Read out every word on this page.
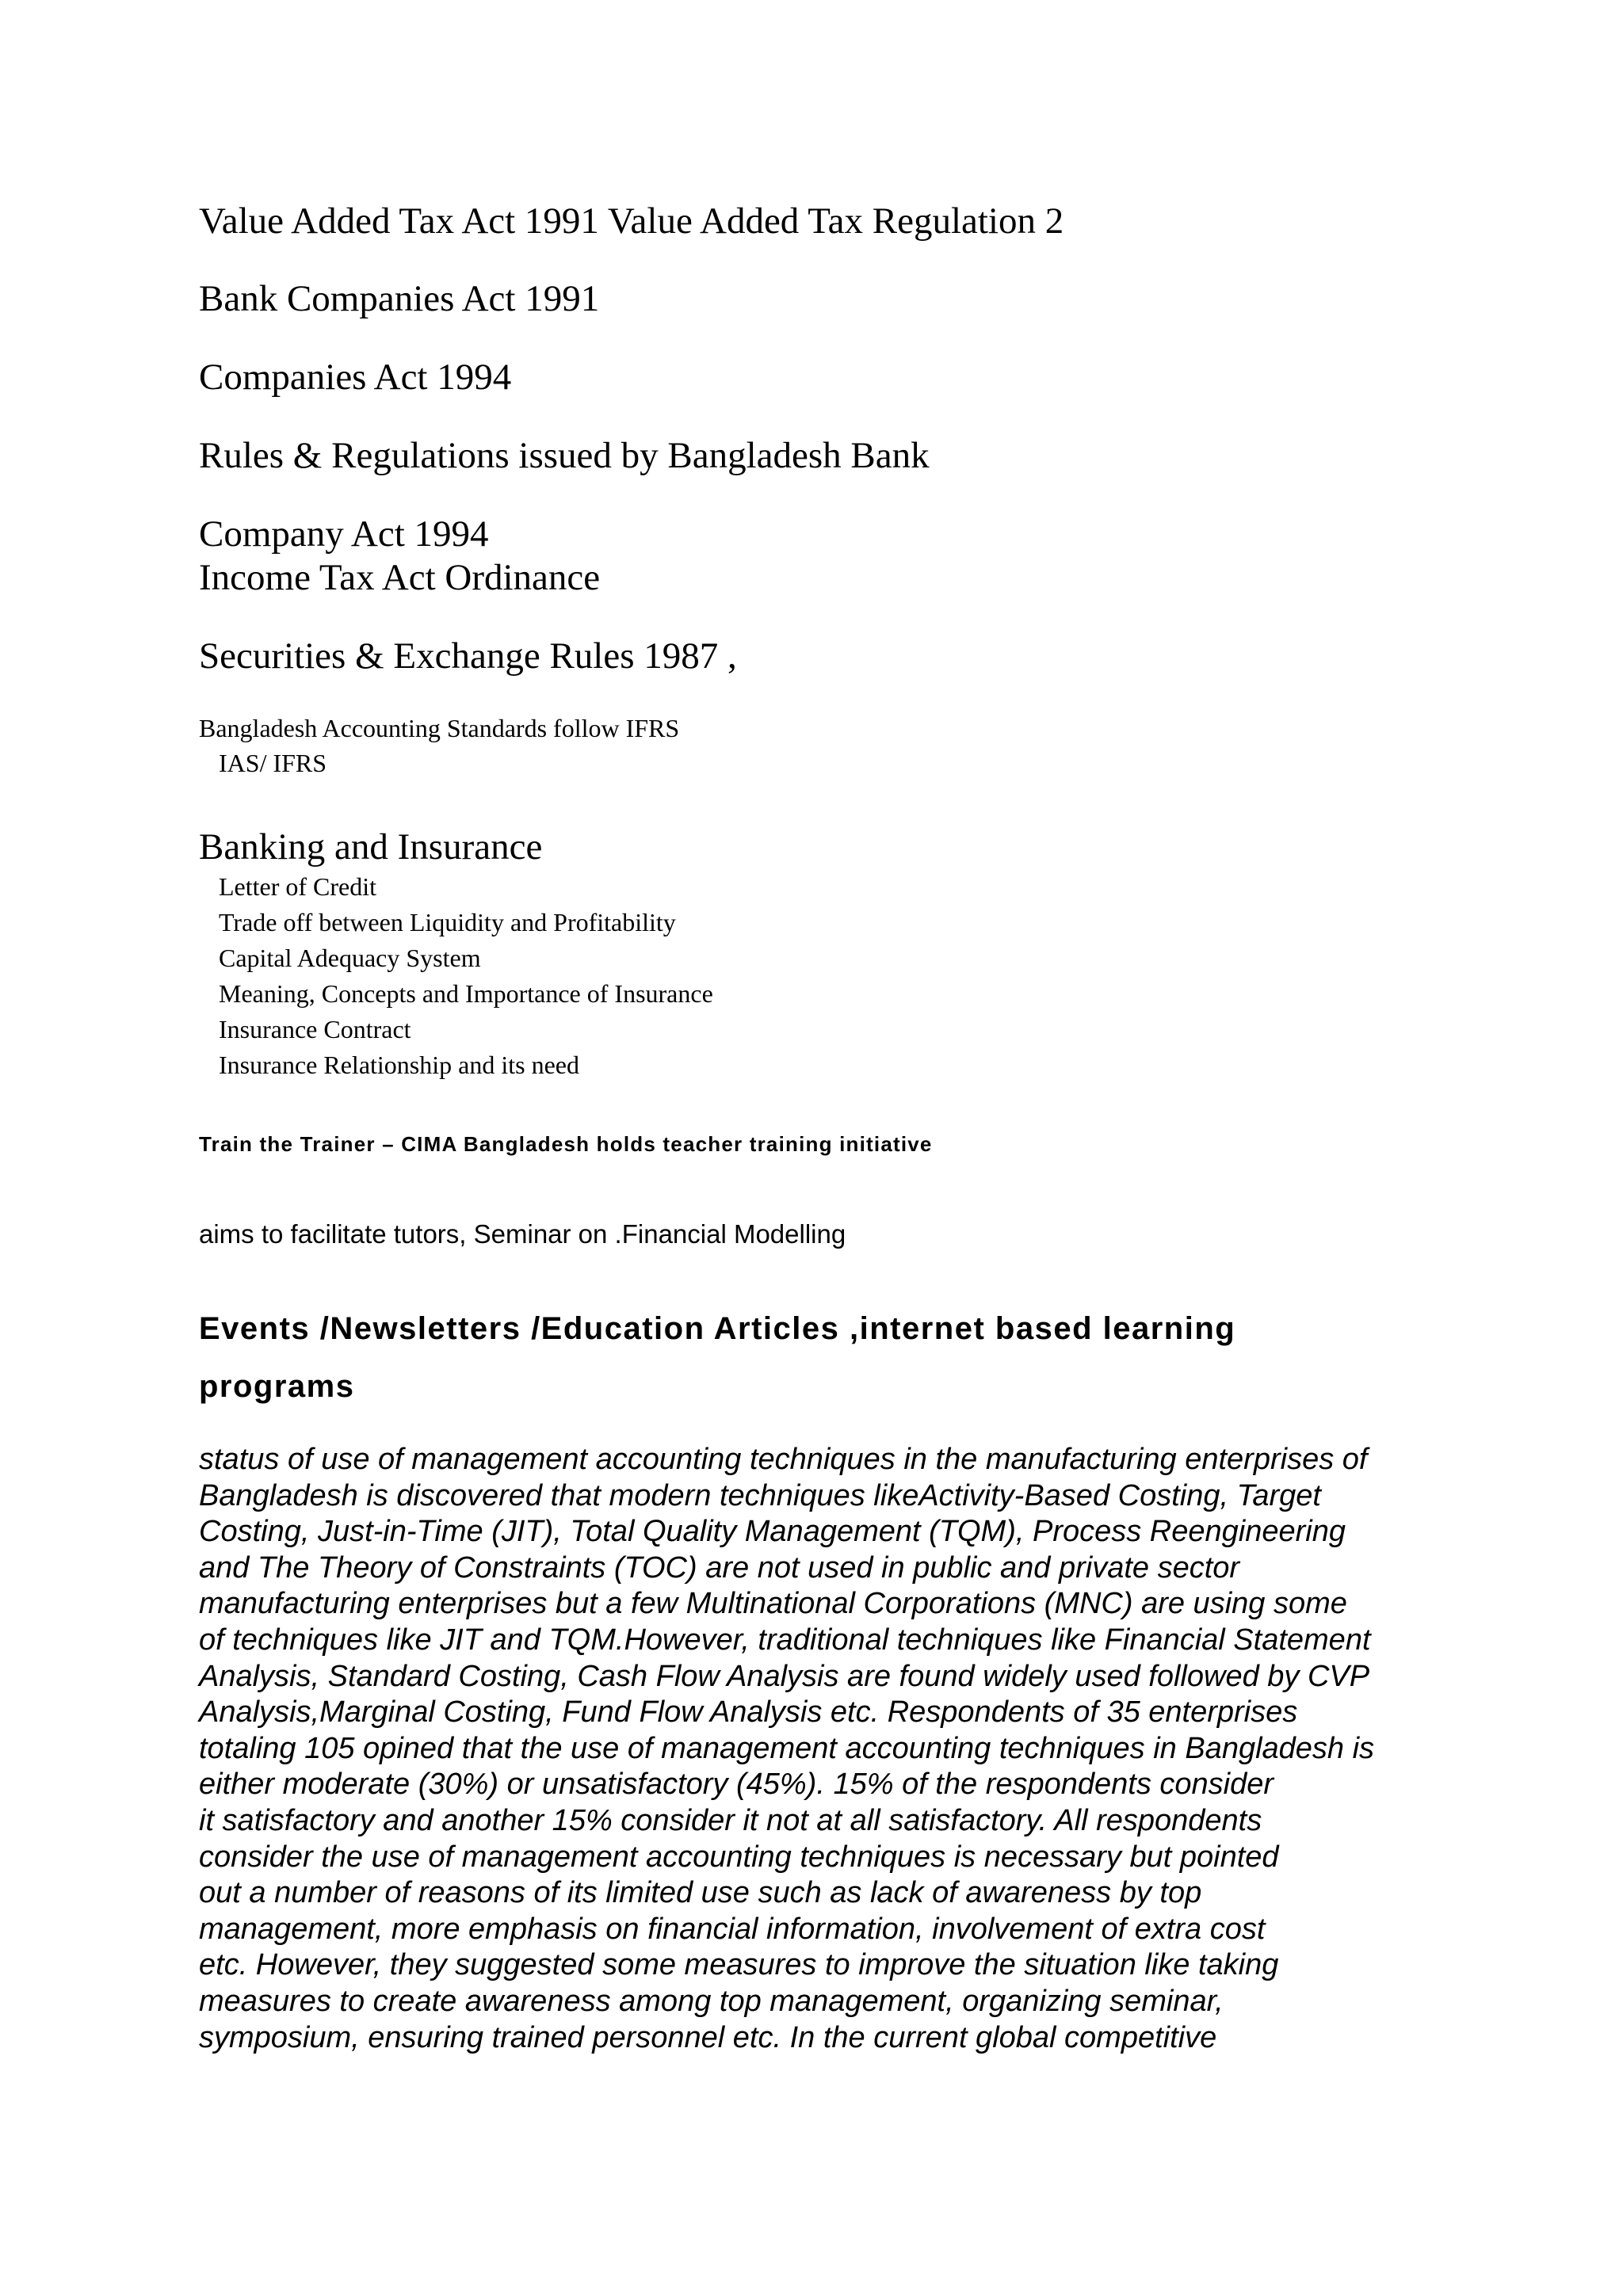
Value Added Tax Act 1991 Value Added Tax Regulation 2
Bank Companies Act 1991
Companies Act 1994
Rules & Regulations issued by Bangladesh Bank
Company Act 1994
Income Tax Act Ordinance
Securities & Exchange Rules 1987 ,
Bangladesh Accounting Standards follow IFRS
IAS/ IFRS
Banking and Insurance
Letter of Credit
Trade off between Liquidity and Profitability
Capital Adequacy System
Meaning, Concepts and Importance of Insurance
Insurance Contract
Insurance Relationship and its need
Train the Trainer – CIMA Bangladesh holds teacher training initiative
aims to facilitate tutors, Seminar on .Financial Modelling
Events /Newsletters /Education Articles ,internet based learning
programs
status of use of management accounting techniques in the manufacturing enterprises of
Bangladesh is discovered that modern techniques likeActivity-Based Costing, Target
Costing, Just-in-Time (JIT), Total Quality Management (TQM), Process Reengineering
and The Theory of Constraints (TOC) are not used in public and private sector
manufacturing enterprises but a few Multinational Corporations (MNC) are using some
of techniques like JIT and TQM.However, traditional techniques like Financial Statement
Analysis, Standard Costing, Cash Flow Analysis are found widely used followed by CVP
Analysis,Marginal Costing, Fund Flow Analysis etc. Respondents of 35 enterprises
totaling 105 opined that the use of management accounting techniques in Bangladesh is
either moderate (30%) or unsatisfactory (45%). 15% of the respondents consider
it satisfactory and another 15% consider it not at all satisfactory. All respondents
consider the use of management accounting techniques is necessary but pointed
out a number of reasons of its limited use such as lack of awareness by top
management, more emphasis on financial information, involvement of extra cost
etc. However, they suggested some measures to improve the situation like taking
measures to create awareness among top management, organizing seminar,
symposium, ensuring trained personnel etc. In the current global competitive
